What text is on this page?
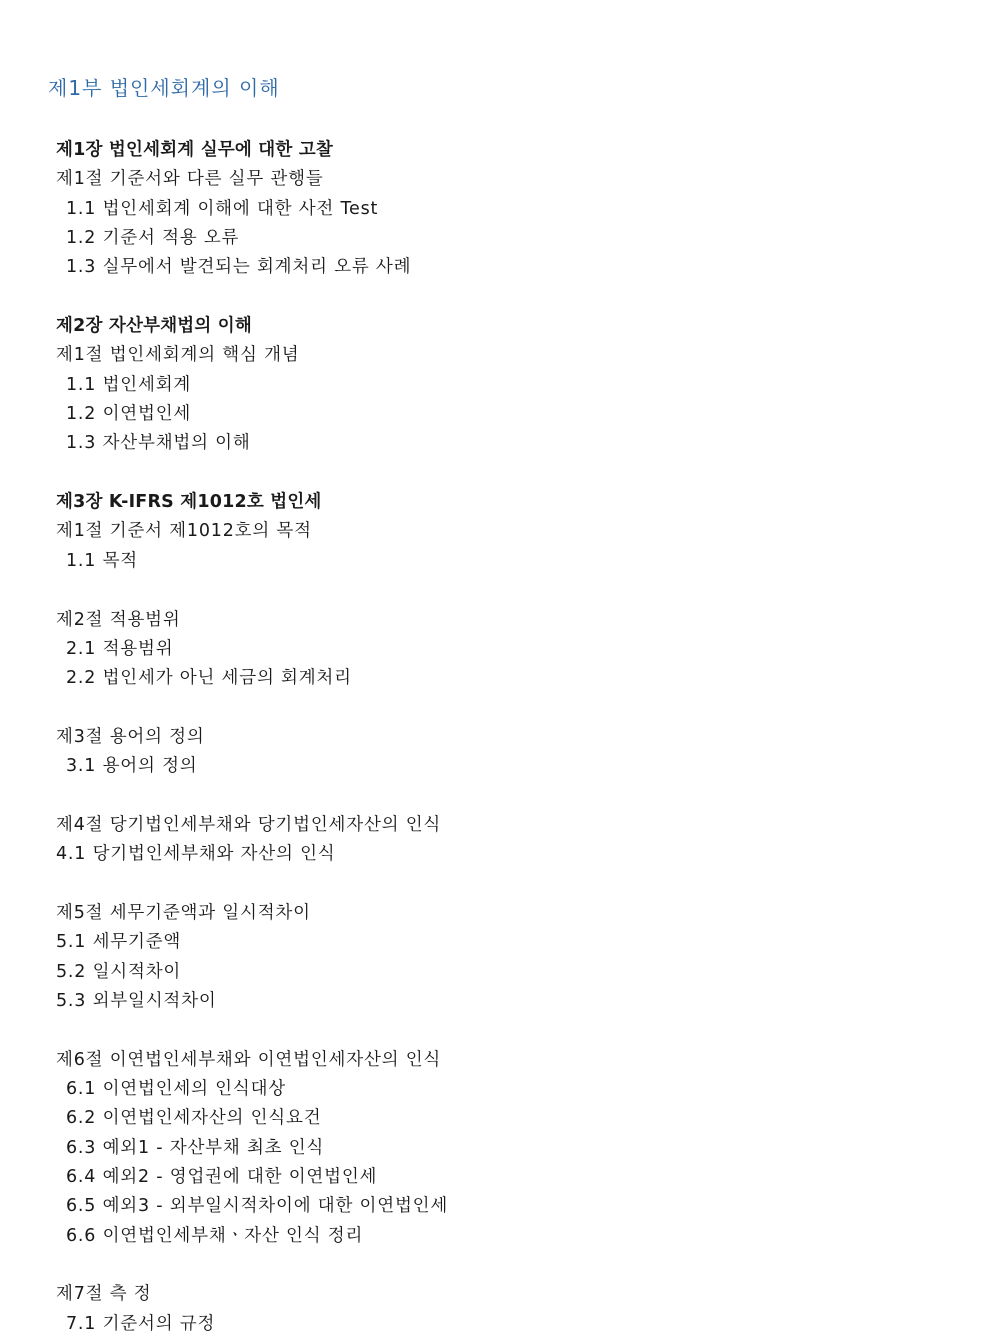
제1부 법인세회계의 이해
제1장 법인세회계 실무에 대한 고찰
제1절 기준서와 다른 실무 관행들
1.1 법인세회계 이해에 대한 사전 Test
1.2 기준서 적용 오류
1.3 실무에서 발견되는 회계처리 오류 사례
제2장 자산부채법의 이해
제1절 법인세회계의 핵심 개념
1.1 법인세회계
1.2 이연법인세
1.3 자산부채법의 이해
제3장 K-IFRS 제1012호 법인세
제1절 기준서 제1012호의 목적
1.1 목적
제2절 적용범위
2.1 적용범위
2.2 법인세가 아닌 세금의 회계처리
제3절 용어의 정의
3.1 용어의 정의
제4절 당기법인세부채와 당기법인세자산의 인식
4.1 당기법인세부채와 자산의 인식
제5절 세무기준액과 일시적차이
5.1 세무기준액
5.2 일시적차이
5.3 외부일시적차이
제6절 이연법인세부채와 이연법인세자산의 인식
6.1 이연법인세의 인식대상
6.2 이연법인세자산의 인식요건
6.3 예외1 - 자산부채 최초 인식
6.4 예외2 - 영업권에 대한 이연법인세
6.5 예외3 - 외부일시적차이에 대한 이연법인세
6.6 이연법인세부채ㆍ자산 인식 정리
제7절 측 정
7.1 기준서의 규정
